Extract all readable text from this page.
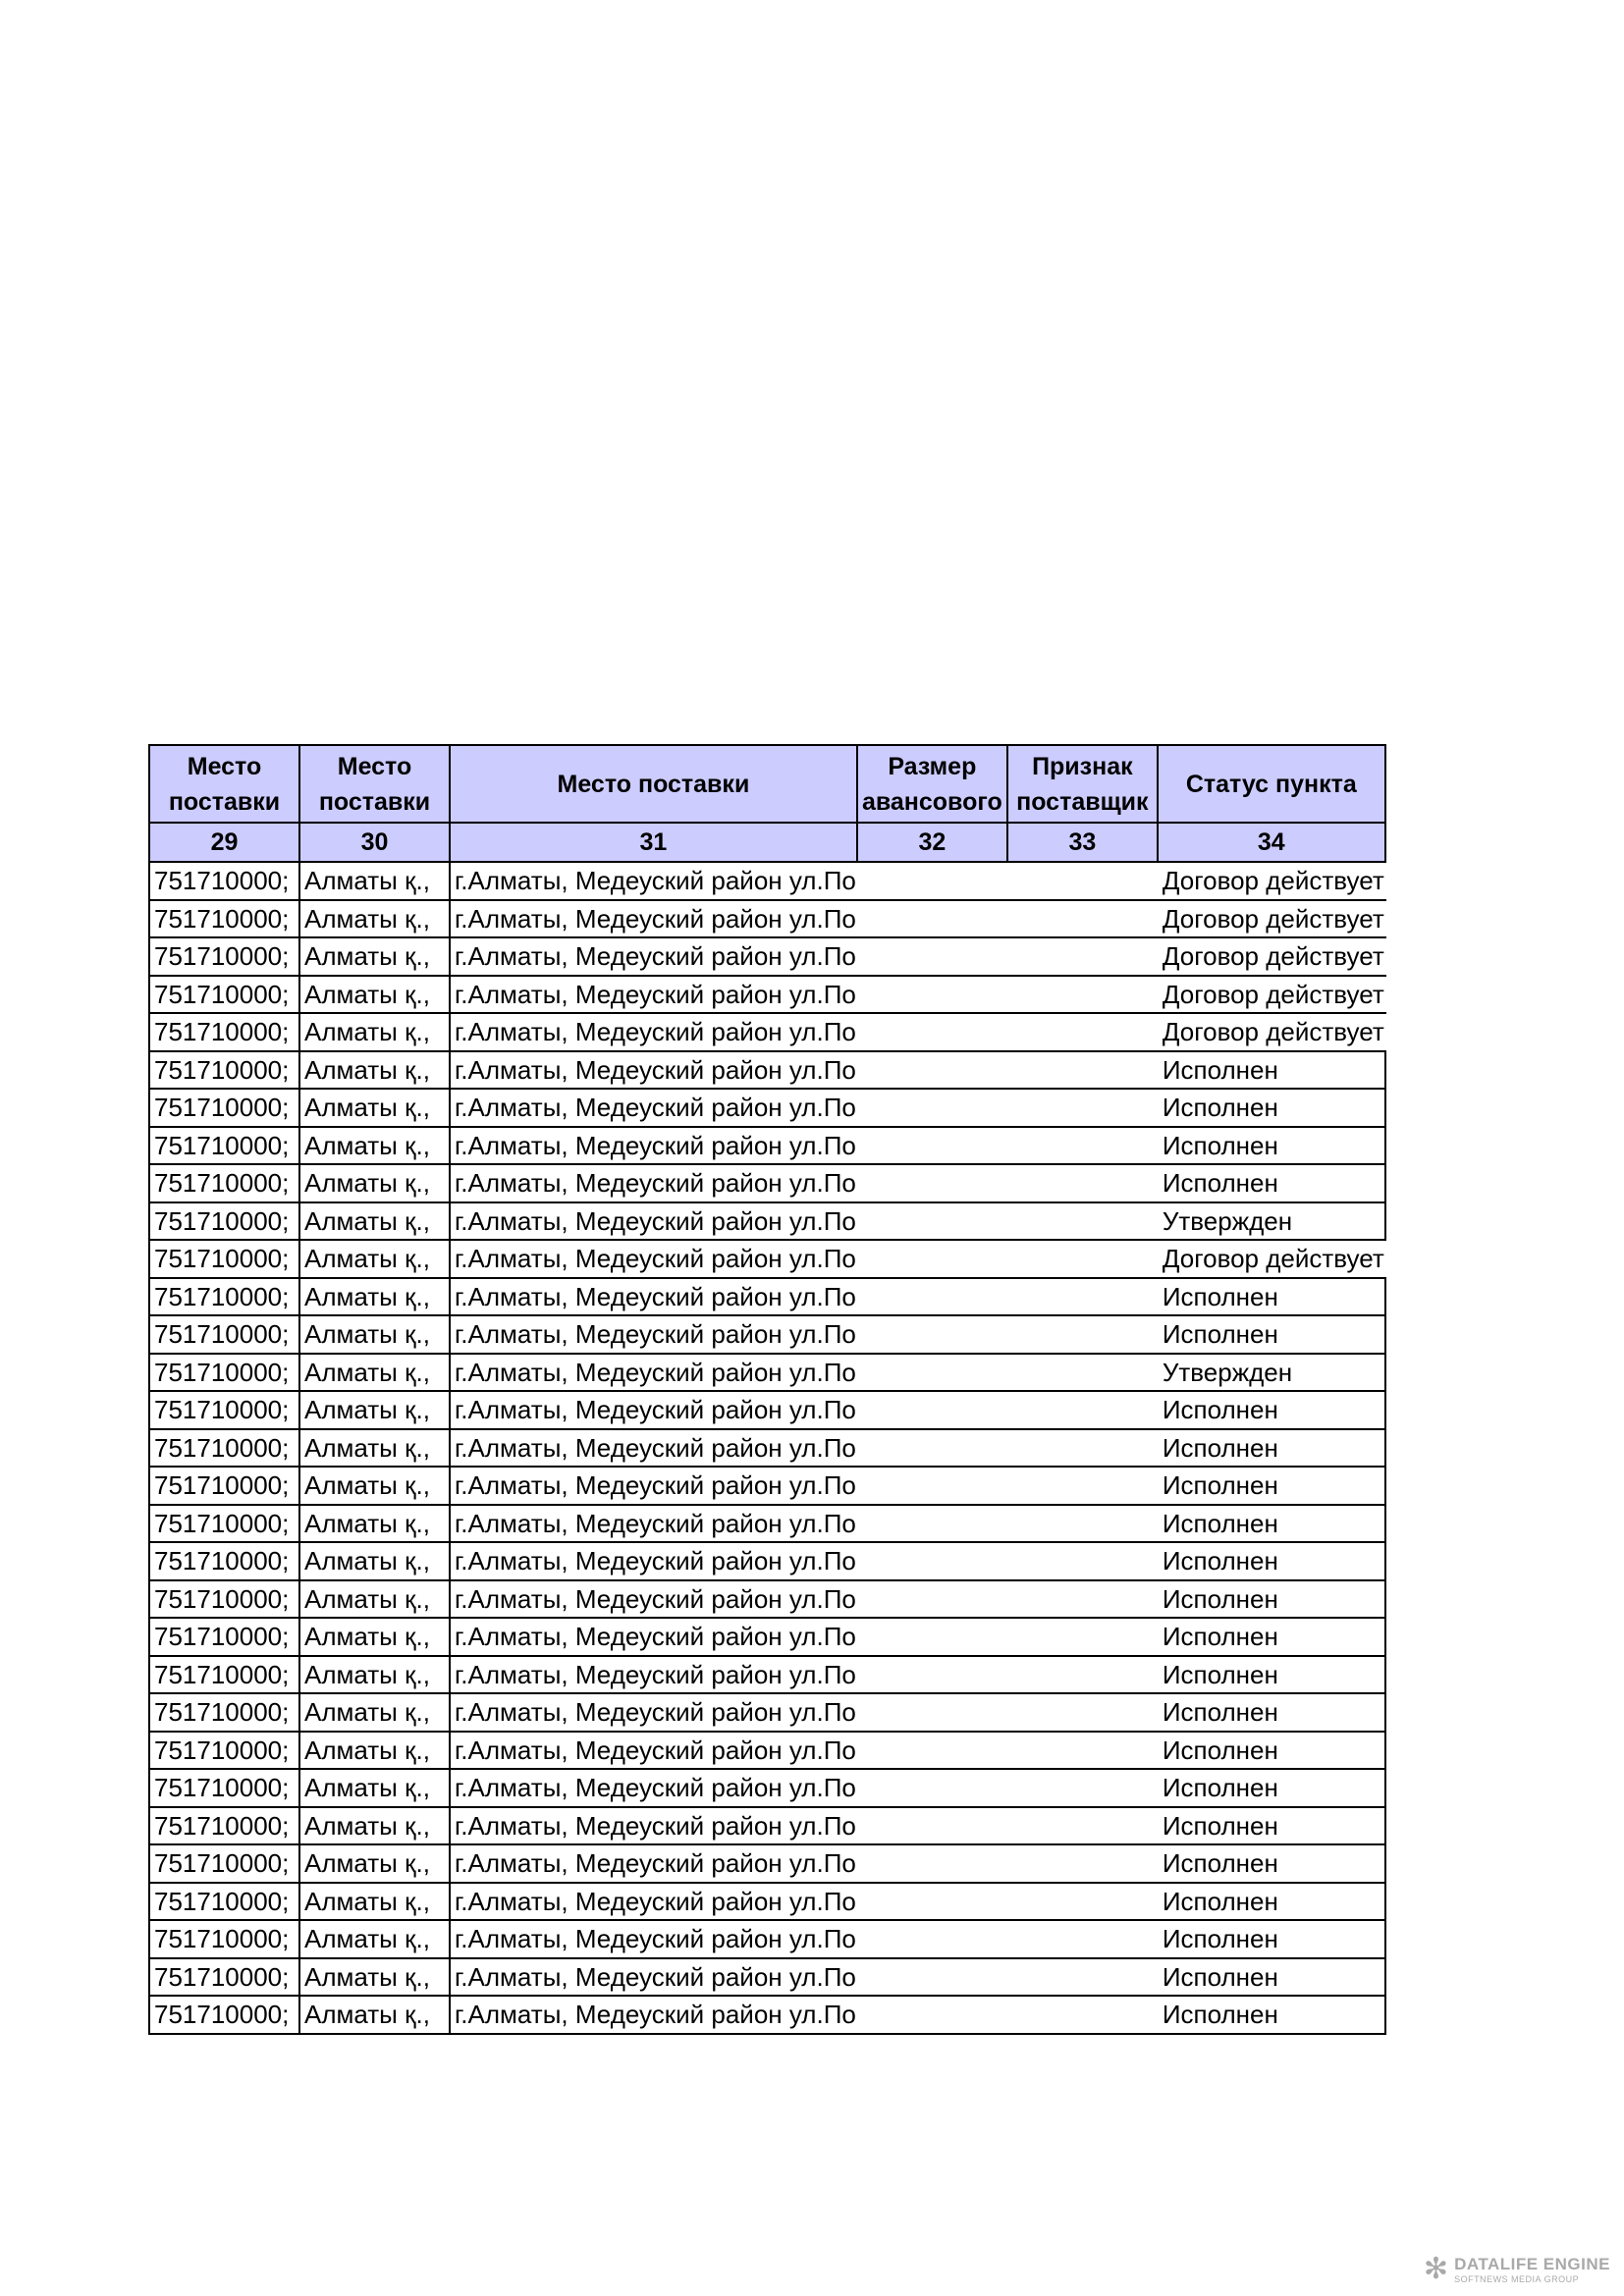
Место поставки	Место поставки	Место поставки	Размер авансового	Признак поставщик	Статус пункта
29	30	31	32	33	34
751710000;	Алматы қ.,	г.Алматы, Медеуский район ул.По			Договор действует
751710000;	Алматы қ.,	г.Алматы, Медеуский район ул.По			Договор действует
751710000;	Алматы қ.,	г.Алматы, Медеуский район ул.По			Договор действует
751710000;	Алматы қ.,	г.Алматы, Медеуский район ул.По			Договор действует
751710000;	Алматы қ.,	г.Алматы, Медеуский район ул.По			Договор действует
751710000;	Алматы қ.,	г.Алматы, Медеуский район ул.По			Исполнен
751710000;	Алматы қ.,	г.Алматы, Медеуский район ул.По			Исполнен
751710000;	Алматы қ.,	г.Алматы, Медеуский район ул.По			Исполнен
751710000;	Алматы қ.,	г.Алматы, Медеуский район ул.По			Исполнен
751710000;	Алматы қ.,	г.Алматы, Медеуский район ул.По			Утвержден
751710000;	Алматы қ.,	г.Алматы, Медеуский район ул.По			Договор действует
751710000;	Алматы қ.,	г.Алматы, Медеуский район ул.По			Исполнен
751710000;	Алматы қ.,	г.Алматы, Медеуский район ул.По			Исполнен
751710000;	Алматы қ.,	г.Алматы, Медеуский район ул.По			Утвержден
751710000;	Алматы қ.,	г.Алматы, Медеуский район ул.По			Исполнен
751710000;	Алматы қ.,	г.Алматы, Медеуский район ул.По			Исполнен
751710000;	Алматы қ.,	г.Алматы, Медеуский район ул.По			Исполнен
751710000;	Алматы қ.,	г.Алматы, Медеуский район ул.По			Исполнен
751710000;	Алматы қ.,	г.Алматы, Медеуский район ул.По			Исполнен
751710000;	Алматы қ.,	г.Алматы, Медеуский район ул.По			Исполнен
751710000;	Алматы қ.,	г.Алматы, Медеуский район ул.По			Исполнен
751710000;	Алматы қ.,	г.Алматы, Медеуский район ул.По			Исполнен
751710000;	Алматы қ.,	г.Алматы, Медеуский район ул.По			Исполнен
751710000;	Алматы қ.,	г.Алматы, Медеуский район ул.По			Исполнен
751710000;	Алматы қ.,	г.Алматы, Медеуский район ул.По			Исполнен
751710000;	Алматы қ.,	г.Алматы, Медеуский район ул.По			Исполнен
751710000;	Алматы қ.,	г.Алматы, Медеуский район ул.По			Исполнен
751710000;	Алматы қ.,	г.Алматы, Медеуский район ул.По			Исполнен
751710000;	Алматы қ.,	г.Алматы, Медеуский район ул.По			Исполнен
751710000;	Алматы қ.,	г.Алматы, Медеуский район ул.По			Исполнен
751710000;	Алматы қ.,	г.Алматы, Медеуский район ул.По			Исполнен
✻ DATALIFE ENGINE
SOFTNEWS MEDIA GROUP
